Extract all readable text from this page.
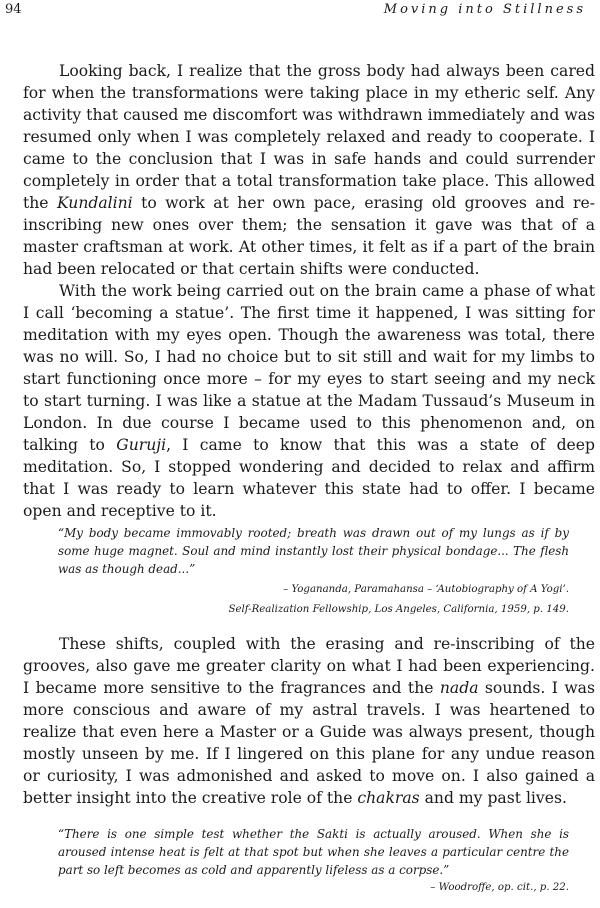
94	Moving into Stillness

Looking back, I realize that the gross body had always been cared for when the transformations were taking place in my etheric self. Any activity that caused me discomfort was withdrawn immediately and was resumed only when I was completely relaxed and ready to cooperate. I came to the conclusion that I was in safe hands and could surrender completely in order that a total transformation take place. This allowed the Kundalini to work at her own pace, erasing old grooves and re-inscribing new ones over them; the sensation it gave was that of a master craftsman at work. At other times, it felt as if a part of the brain had been relocated or that certain shifts were conducted.

With the work being carried out on the brain came a phase of what I call ‘becoming a statue’. The first time it happened, I was sitting for meditation with my eyes open. Though the awareness was total, there was no will. So, I had no choice but to sit still and wait for my limbs to start functioning once more – for my eyes to start seeing and my neck to start turning. I was like a statue at the Madam Tussaud’s Museum in London. In due course I became used to this phenomenon and, on talking to Guruji, I came to know that this was a state of deep meditation. So, I stopped wondering and decided to relax and affirm that I was ready to learn whatever this state had to offer. I became open and receptive to it.

“My body became immovably rooted; breath was drawn out of my lungs as if by some huge magnet. Soul and mind instantly lost their physical bondage... The flesh was as though dead...”

– Yogananda, Paramahansa – ‘Autobiography of A Yogi’.

Self-Realization Fellowship, Los Angeles, California, 1959, p. 149.

These shifts, coupled with the erasing and re-inscribing of the grooves, also gave me greater clarity on what I had been experiencing. I became more sensitive to the fragrances and the nada sounds. I was more conscious and aware of my astral travels. I was heartened to realize that even here a Master or a Guide was always present, though mostly unseen by me. If I lingered on this plane for any undue reason or curiosity, I was admonished and asked to move on. I also gained a better insight into the creative role of the chakras and my past lives.

“There is one simple test whether the Sakti is actually aroused. When she is aroused intense heat is felt at that spot but when she leaves a particular centre the part so left becomes as cold and apparently lifeless as a corpse.”

– Woodroffe, op. cit., p. 22.
